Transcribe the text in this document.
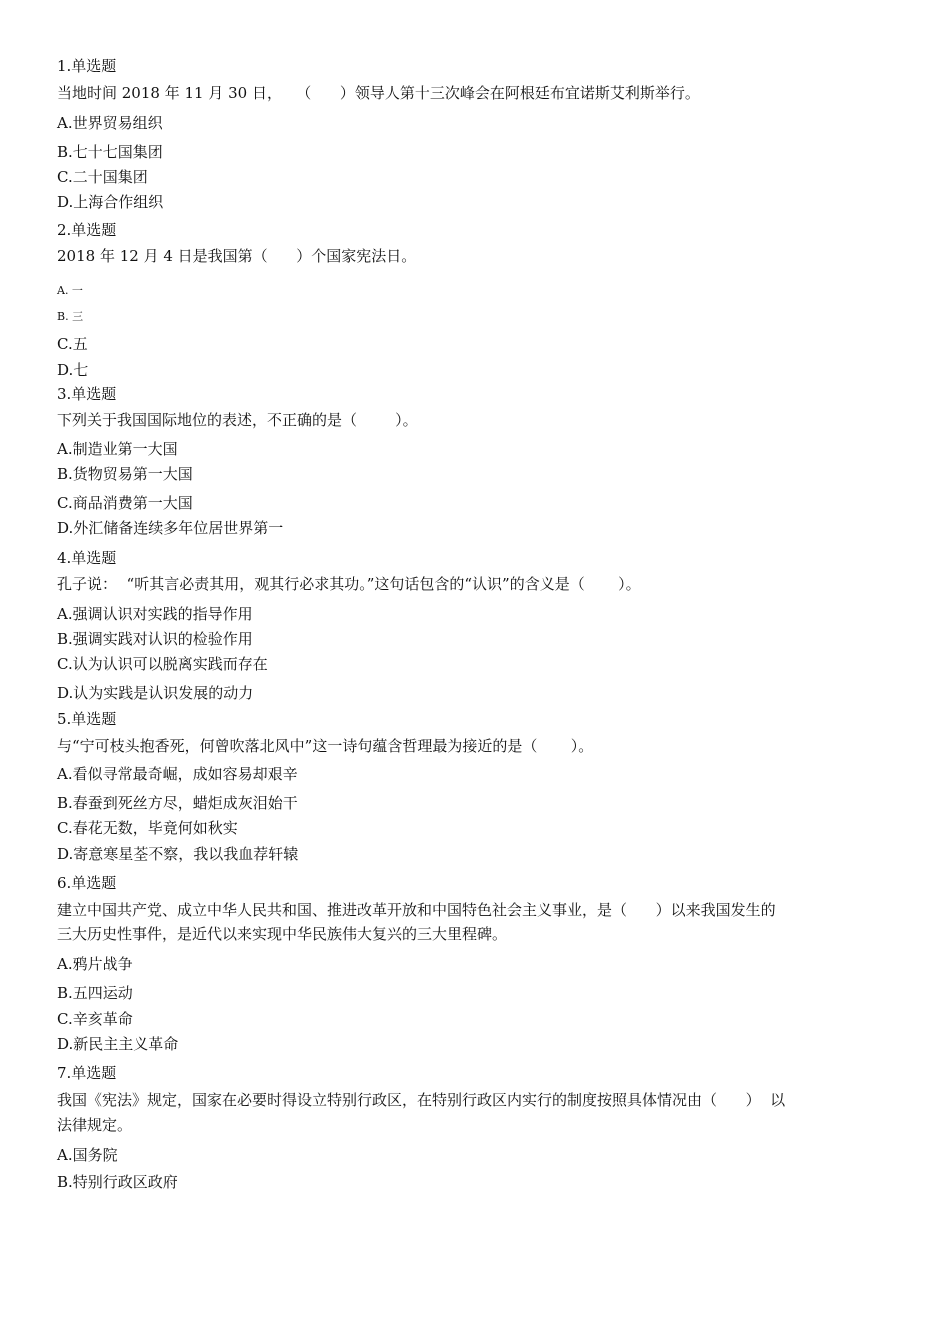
1.单选题
当地时间 2018 年 11 月 30 日，   （      ）领导人第十三次峰会在阿根廷布宜诺斯艾利斯举行。
A.世界贸易组织
B.七十七国集团
C.二十国集团
D.上海合作组织
2.单选题
2018 年 12 月 4 日是我国第（      ）个国家宪法日。
A. 一
B. 三
C.五
D.七
3.单选题
下列关于我国国际地位的表述，不正确的是（        ）。
A.制造业第一大国
B.货物贸易第一大国
C.商品消费第一大国
D.外汇储备连续多年位居世界第一
4.单选题
孔子说：  “听其言必责其用，观其行必求其功。”这句话包含的“认识”的含义是（       ）。
A.强调认识对实践的指导作用
B.强调实践对认识的检验作用
C.认为认识可以脱离实践而存在
D.认为实践是认识发展的动力
5.单选题
与“宁可枝头抱香死，何曾吹落北风中”这一诗句蕴含哲理最为接近的是（       ）。
A.看似寻常最奇崛，成如容易却艰辛
B.春蚕到死丝方尽，蜡炬成灰泪始干
C.春花无数，毕竟何如秋实
D.寄意寒星荃不察，我以我血荐轩辕
6.单选题
建立中国共产党、成立中华人民共和国、推进改革开放和中国特色社会主义事业，是（      ）以来我国发生的
三大历史性事件，是近代以来实现中华民族伟大复兴的三大里程碑。
A.鸦片战争
B.五四运动
C.辛亥革命
D.新民主主义革命
7.单选题
我国《宪法》规定，国家在必要时得设立特别行政区，在特别行政区内实行的制度按照具体情况由（      ）  以
法律规定。
A.国务院
B.特别行政区政府
